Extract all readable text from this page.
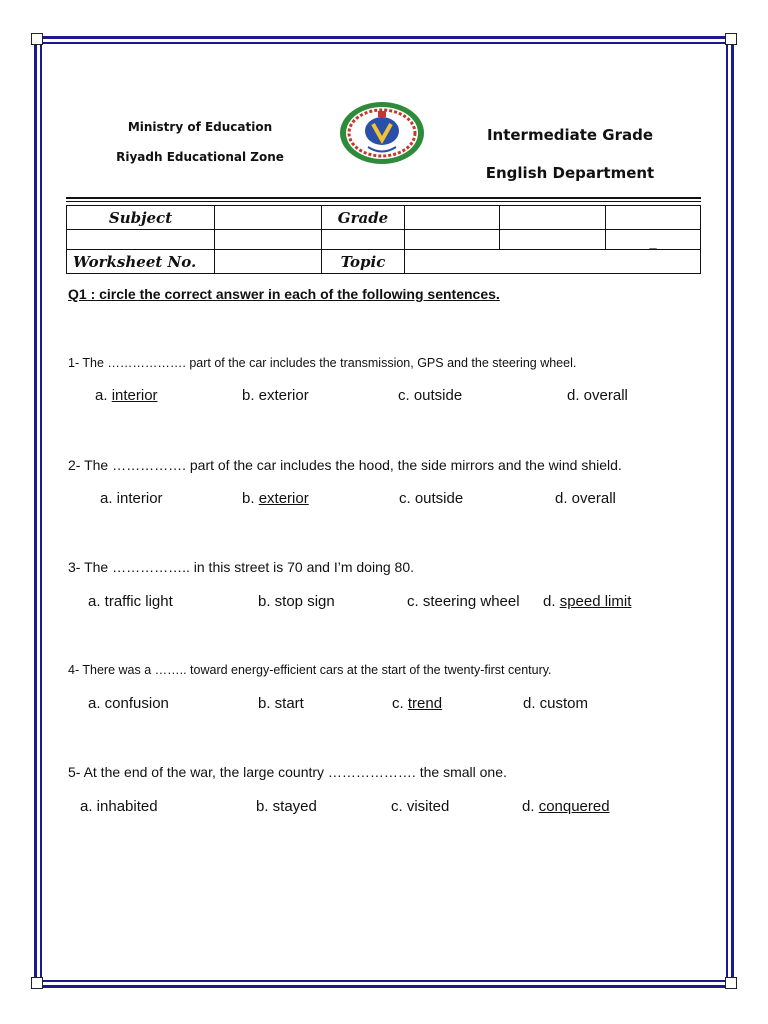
Ministry of Education
Riyadh Educational Zone
Intermediate Grade
English Department
Subject		Grade			
					_
Worksheet No.		Topic			
Q1 : circle the correct answer in each of the following sentences.
1- The ………………. part of the car includes the transmission, GPS and the steering wheel.
a. interior	b. exterior	c. outside	d. overall
2- The ……………. part of the car includes the hood, the side mirrors and the wind shield.
a. interior	b. exterior	c. outside	d. overall
3- The …………….. in this street is 70 and I’m doing 80.
a. traffic light	b. stop sign	c. steering wheel d. speed limit
4- There was a …….. toward energy-efficient cars at the start of the twenty-first century.
a. confusion	b. start	c. trend	d. custom
5- At the end of the war, the large country ………………. the small one.
a. inhabited	b. stayed	c. visited	d. conquered
